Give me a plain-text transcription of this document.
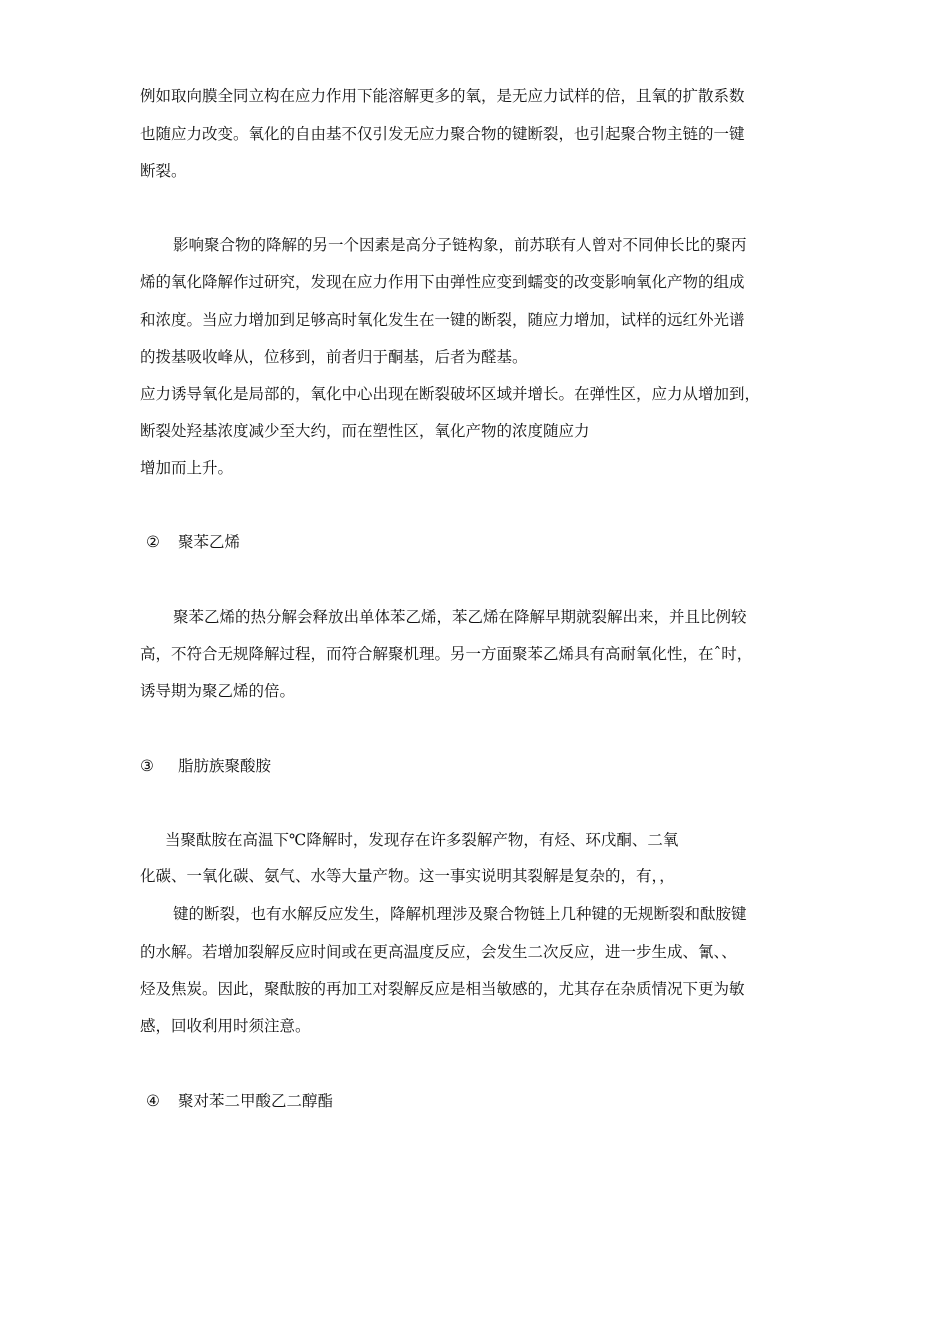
例如取向膜全同立构在应力作用下能溶解更多的氧，是无应力试样的倍，且氧的扩散系数
也随应力改变。氧化的自由基不仅引发无应力聚合物的键断裂，也引起聚合物主链的一键
断裂。
影响聚合物的降解的另一个因素是高分子链构象，前苏联有人曾对不同伸长比的聚丙
烯的氧化降解作过研究，发现在应力作用下由弹性应变到蠕变的改变影响氧化产物的组成
和浓度。当应力增加到足够高时氧化发生在一键的断裂，随应力增加，试样的远红外光谱
的拨基吸收峰从，位移到，前者归于酮基，后者为醛基。
应力诱导氧化是局部的，氧化中心出现在断裂破坏区域并增长。在弹性区，应力从增加到，
断裂处羟基浓度减少至大约，而在塑性区，氧化产物的浓度随应力
增加而上升。
② 聚苯乙烯
聚苯乙烯的热分解会释放出单体苯乙烯，苯乙烯在降解早期就裂解出来，并且比例较
高，不符合无规降解过程，而符合解聚机理。另一方面聚苯乙烯具有高耐氧化性，在ˆ时，
诱导期为聚乙烯的倍。
③ 脂肪族聚酸胺
当聚酞胺在高温下℃降解时，发现存在许多裂解产物，有烃、环戊酮、二氧
化碳、一氧化碳、氨气、水等大量产物。这一事实说明其裂解是复杂的，有，，
键的断裂，也有水解反应发生，降解机理涉及聚合物链上几种键的无规断裂和酞胺键
的水解。若增加裂解反应时间或在更高温度反应，会发生二次反应，进一步生成、氰、、
烃及焦炭。因此，聚酞胺的再加工对裂解反应是相当敏感的，尤其存在杂质情况下更为敏
感，回收利用时须注意。
④ 聚对苯二甲酸乙二醇酯
